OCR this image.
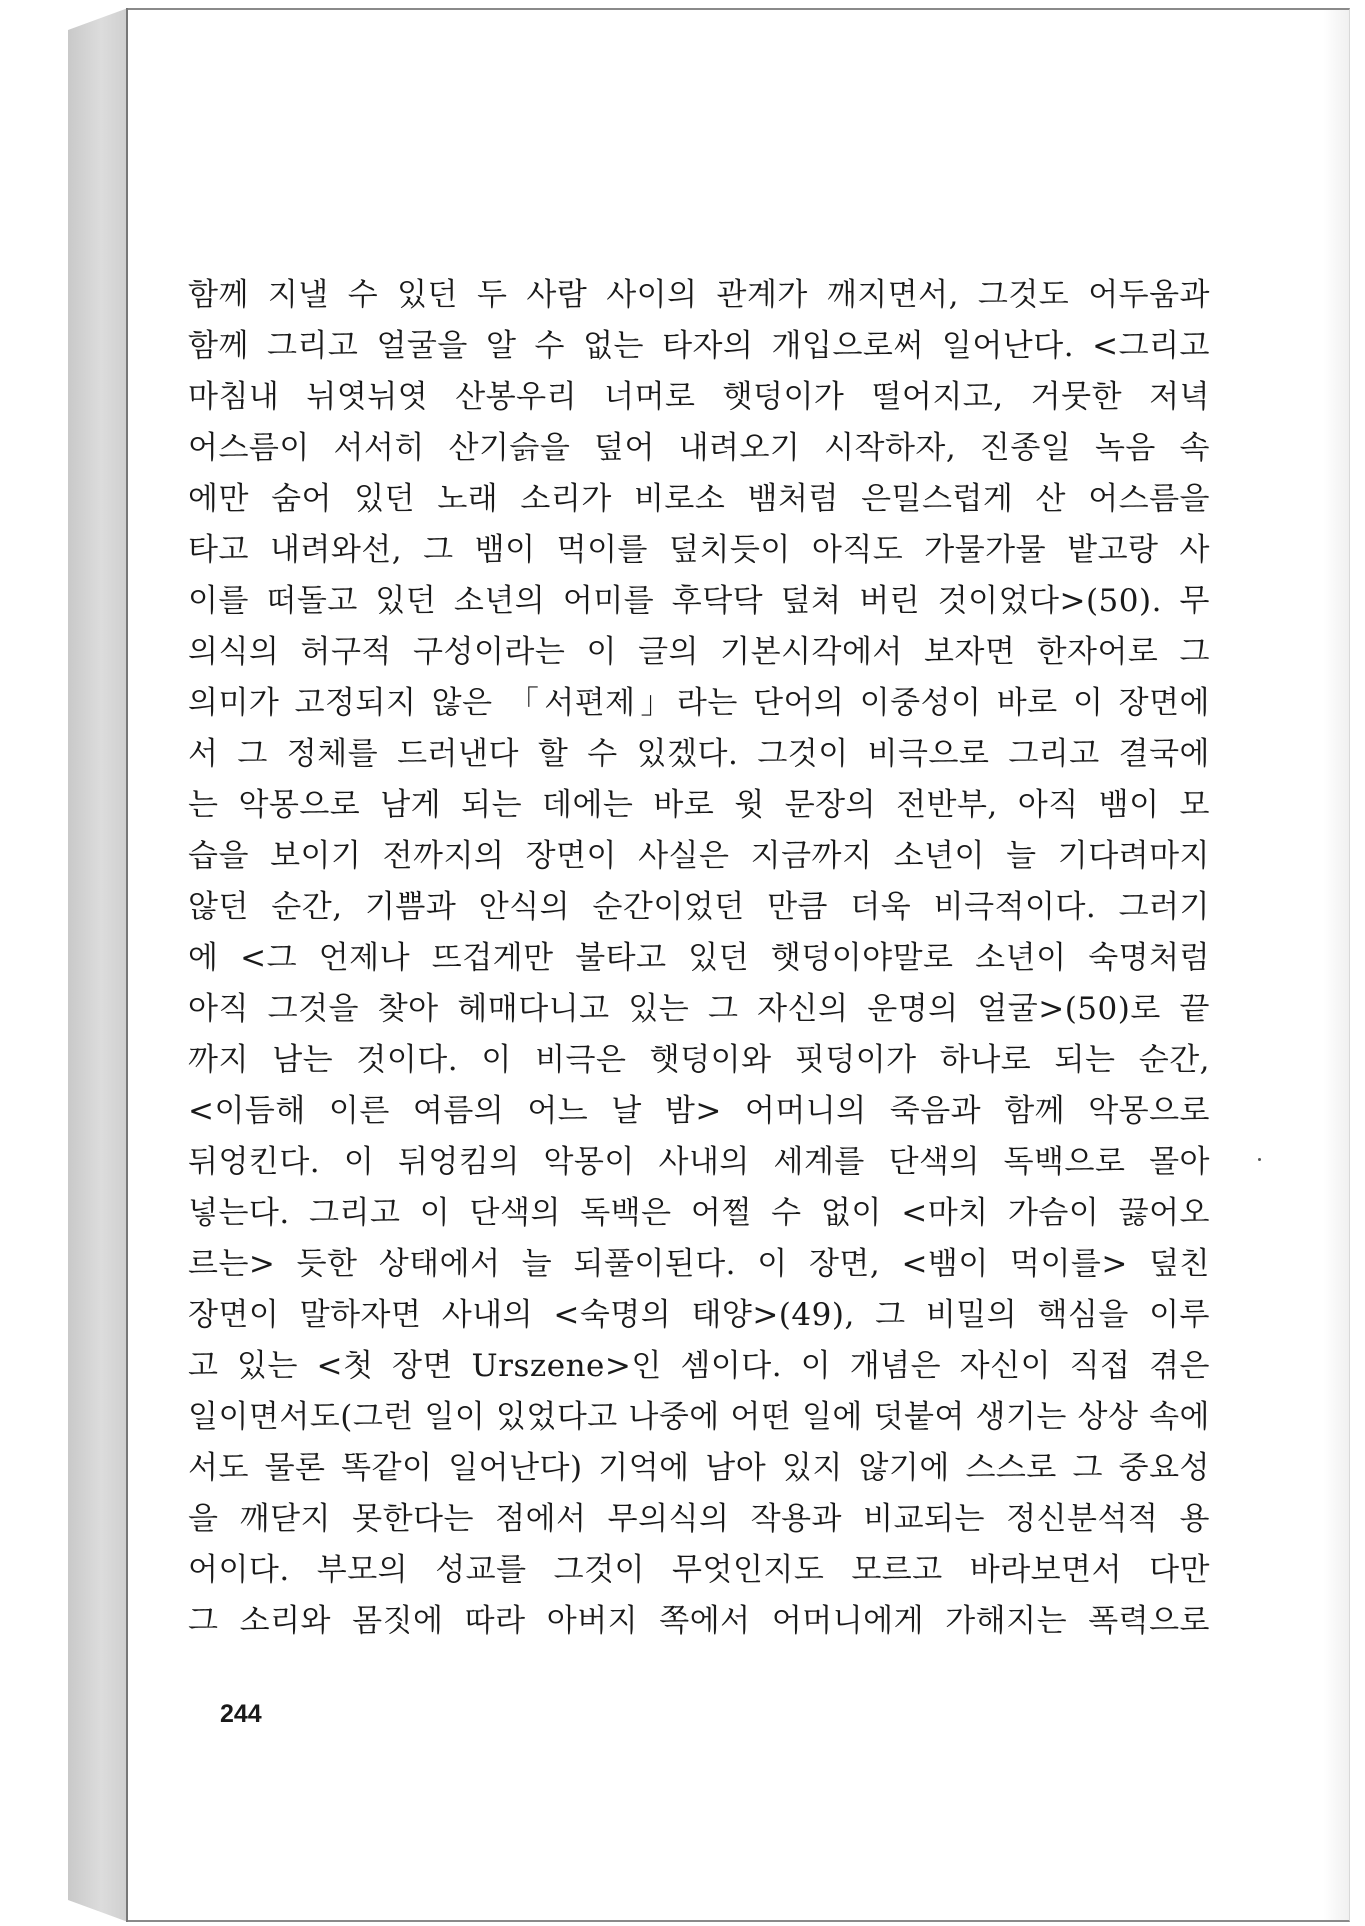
함께 지낼 수 있던 두 사람 사이의 관계가 깨지면서, 그것도 어두움과
함께 그리고 얼굴을 알 수 없는 타자의 개입으로써 일어난다. <그리고
마침내 뉘엿뉘엿 산봉우리 너머로 햇덩이가 떨어지고, 거뭇한 저녁
어스름이 서서히 산기슭을 덮어 내려오기 시작하자, 진종일 녹음 속
에만 숨어 있던 노래 소리가 비로소 뱀처럼 은밀스럽게 산 어스름을
타고 내려와선, 그 뱀이 먹이를 덮치듯이 아직도 가물가물 밭고랑 사
이를 떠돌고 있던 소년의 어미를 후닥닥 덮쳐 버린 것이었다>(50). 무
의식의 허구적 구성이라는 이 글의 기본시각에서 보자면 한자어로 그
의미가 고정되지 않은 「서편제」라는 단어의 이중성이 바로 이 장면에
서 그 정체를 드러낸다 할 수 있겠다. 그것이 비극으로 그리고 결국에
는 악몽으로 남게 되는 데에는 바로 윗 문장의 전반부, 아직 뱀이 모
습을 보이기 전까지의 장면이 사실은 지금까지 소년이 늘 기다려마지
않던 순간, 기쁨과 안식의 순간이었던 만큼 더욱 비극적이다. 그러기
에 <그 언제나 뜨겁게만 불타고 있던 햇덩이야말로 소년이 숙명처럼
아직 그것을 찾아 헤매다니고 있는 그 자신의 운명의 얼굴>(50)로 끝
까지 남는 것이다. 이 비극은 햇덩이와 핏덩이가 하나로 되는 순간,
<이듬해 이른 여름의 어느 날 밤> 어머니의 죽음과 함께 악몽으로
뒤엉킨다. 이 뒤엉킴의 악몽이 사내의 세계를 단색의 독백으로 몰아
넣는다. 그리고 이 단색의 독백은 어쩔 수 없이 <마치 가슴이 끓어오
르는> 듯한 상태에서 늘 되풀이된다. 이 장면, <뱀이 먹이를> 덮친
장면이 말하자면 사내의 <숙명의 태양>(49), 그 비밀의 핵심을 이루
고 있는 <첫 장면 Urszene>인 셈이다. 이 개념은 자신이 직접 겪은
일이면서도(그런 일이 있었다고 나중에 어떤 일에 덧붙여 생기는 상상 속에
서도 물론 똑같이 일어난다) 기억에 남아 있지 않기에 스스로 그 중요성
을 깨닫지 못한다는 점에서 무의식의 작용과 비교되는 정신분석적 용
어이다. 부모의 성교를 그것이 무엇인지도 모르고 바라보면서 다만
그 소리와 몸짓에 따라 아버지 쪽에서 어머니에게 가해지는 폭력으로
244
